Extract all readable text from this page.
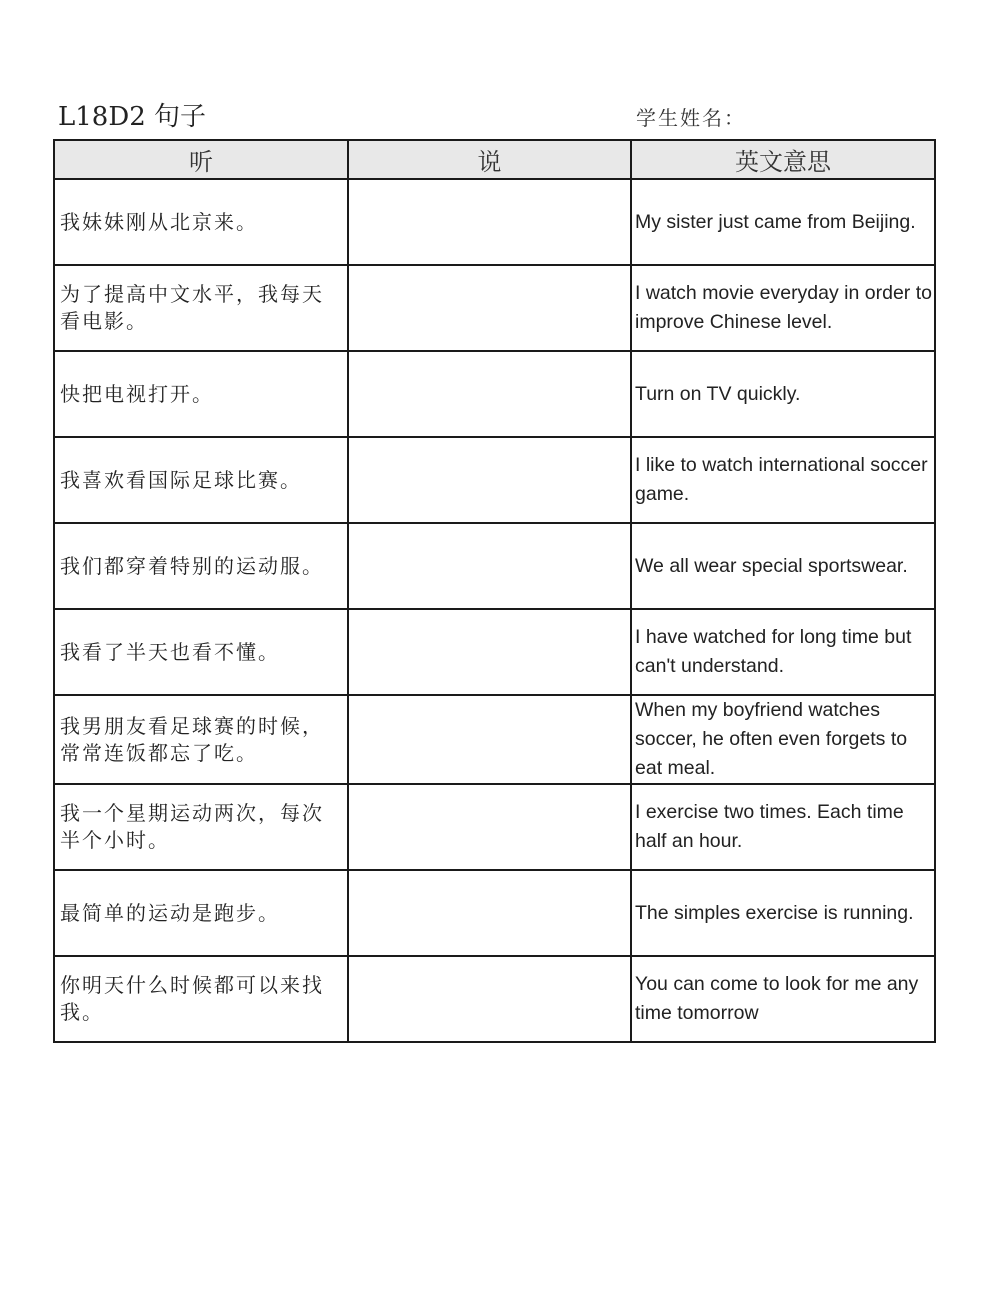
L18D2 句子	学生姓名：
听	说	英文意思
我妹妹刚从北京来。		My sister just came from Beijing.
为了提高中文水平，我每天看电影。		I watch movie everyday in order to improve Chinese level.
快把电视打开。		Turn on TV quickly.
我喜欢看国际足球比赛。		I like to watch international soccer game.
我们都穿着特别的运动服。		We all wear special sportswear.
我看了半天也看不懂。		I have watched for long time but can't understand.
我男朋友看足球赛的时候，常常连饭都忘了吃。		When my boyfriend watches soccer, he often even forgets to eat meal.
我一个星期运动两次，每次半个小时。		I exercise two times. Each time half an hour.
最简单的运动是跑步。		The simples exercise is running.
你明天什么时候都可以来找我。		You can come to look for me any time tomorrow
